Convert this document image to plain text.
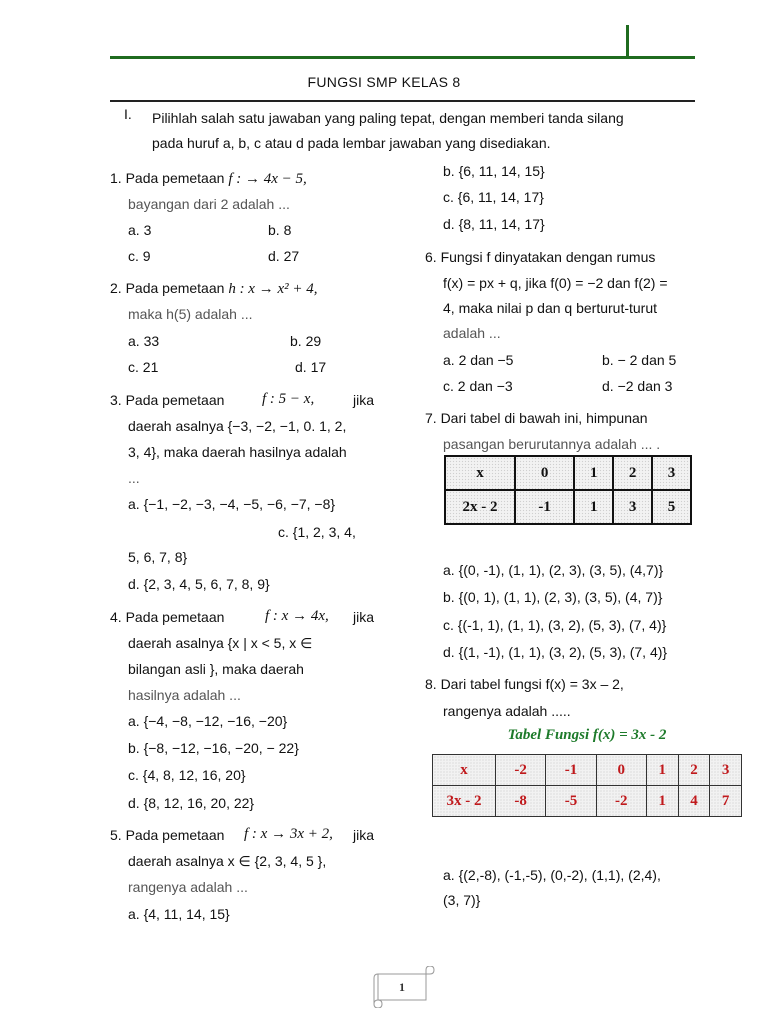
FUNGSI SMP KELAS 8
I. Pilihlah salah satu jawaban yang paling tepat, dengan memberi tanda silang
pada huruf a, b, c atau d pada lembar jawaban yang disediakan.
1. Pada pemetaan f : → 4x − 5,
bayangan dari 2 adalah ...
a. 3	b. 8
c. 9	d. 27
2. Pada pemetaan h : x → x² + 4,
maka h(5) adalah ...
a. 33	b. 29
c. 21	d. 17
3. Pada pemetaan	f : 5 − x,	jika
daerah asalnya {−3, −2, −1, 0. 1, 2,
3, 4}, maka daerah hasilnya adalah
...
a. {−1, −2, −3, −4, −5, −6, −7, −8}
c. {1, 2, 3, 4,
5, 6, 7, 8}
d. {2, 3, 4, 5, 6, 7, 8, 9}
4. Pada pemetaan	f : x → 4x, jika
daerah asalnya {x | x < 5, x ∈
bilangan asli }, maka daerah
hasilnya adalah ...
a. {−4, −8, −12, −16, −20}
b. {−8, −12, −16, −20, − 22}
c. {4, 8, 12, 16, 20}
d. {8, 12, 16, 20, 22}
5. Pada pemetaan f : x → 3x + 2, jika
daerah asalnya x ∈ {2, 3, 4, 5 },
rangenya adalah ...
a. {4, 11, 14, 15}
b. {6, 11, 14, 15}
c. {6, 11, 14, 17}
d. {8, 11, 14, 17}
6. Fungsi f dinyatakan dengan rumus
f(x) = px + q, jika f(0) = −2 dan f(2) =
4, maka nilai p dan q berturut-turut
adalah ...
a. 2 dan −5	b. − 2 dan 5
c. 2 dan −3	d. −2 dan 3
7. Dari tabel di bawah ini, himpunan
pasangan berurutannya adalah ... .
x	0	1	2	3
2x - 2	-1	1	3	5
a. {(0, -1), (1, 1), (2, 3), (3, 5), (4,7)}
b. {(0, 1), (1, 1), (2, 3), (3, 5), (4, 7)}
c. {(-1, 1), (1, 1), (3, 2), (5, 3), (7, 4)}
d. {(1, -1), (1, 1), (3, 2), (5, 3), (7, 4)}
8. Dari tabel fungsi f(x) = 3x – 2,
rangenya adalah .....
Tabel Fungsi f(x) = 3x - 2
x	-2	-1	0	1	2	3
3x - 2	-8	-5	-2	1	4	7
a. {(2,-8), (-1,-5), (0,-2), (1,1), (2,4),
(3, 7)}
1
